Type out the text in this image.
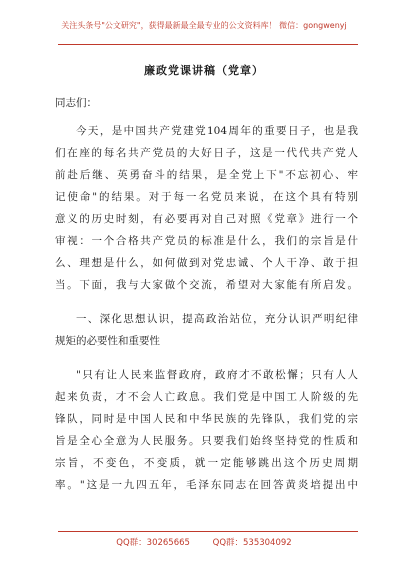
关注头条号"公文研究"，获得最新最全最专业的公文资料库！ 微信：gongwenyj
廉政党课讲稿（党章）
同志们：
今天，是中国共产党建党104周年的重要日子，也是我
们在座的每名共产党员的大好日子，这是一代代共产党人
前赴后继、英勇奋斗的结果，是全党上下"不忘初心、牢
记使命"的结果。对于每一名党员来说，在这个具有特别
意义的历史时刻，有必要再对自己对照《党章》进行一个
审视：一个合格共产党员的标准是什么，我们的宗旨是什
么、理想是什么，如何做到对党忠诚、个人干净、敢于担
当。下面，我与大家做个交流，希望对大家能有所启发。
一、深化思想认识，提高政治站位，充分认识严明纪律
规矩的必要性和重要性
"只有让人民来监督政府，政府才不敢松懈；只有人人
起来负责，才不会人亡政息。我们党是中国工人阶级的先
锋队，同时是中国人民和中华民族的先锋队，我们党的宗
旨是全心全意为人民服务。只要我们始终坚持党的性质和
宗旨，不变色，不变质，就一定能够跳出这个历史周期
率。"这是一九四五年，毛泽东同志在回答黄炎培提出中
QQ群：30265665	QQ群：535304092
